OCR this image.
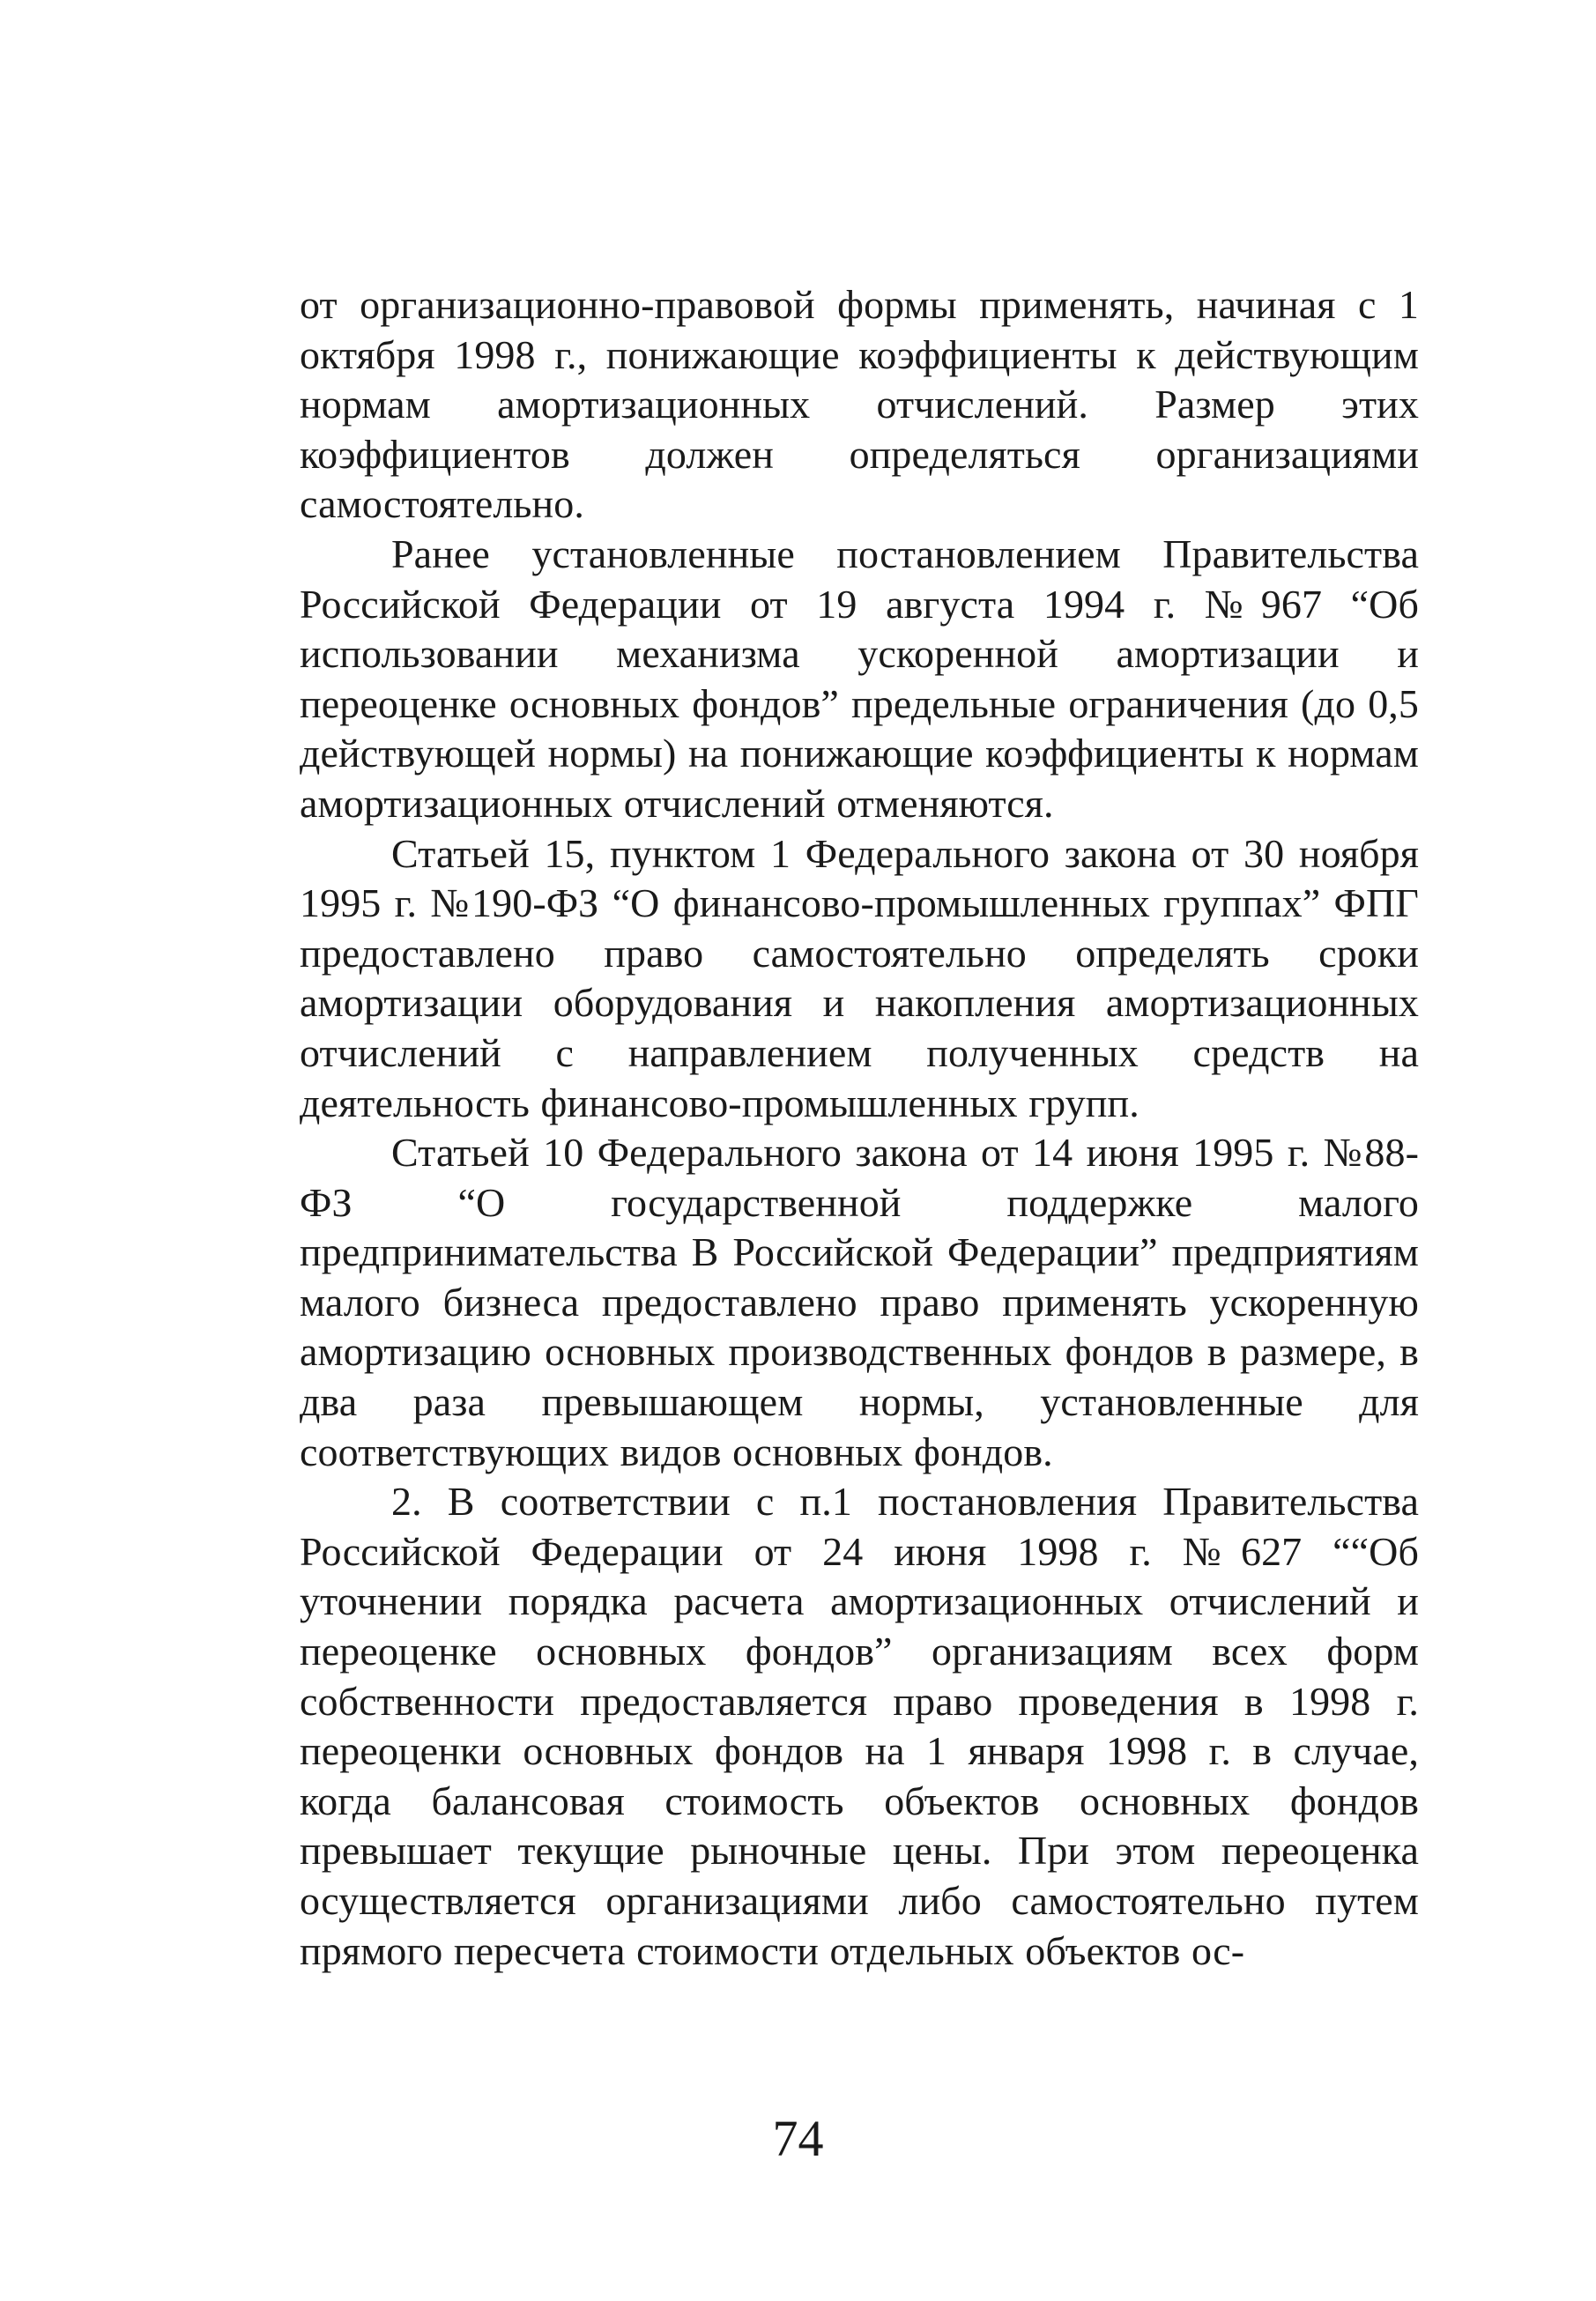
от организационно-правовой формы применять, начиная с 1 октября 1998 г., понижающие коэффициенты к действующим нормам амортизационных отчислений. Размер этих коэффициентов должен определяться организациями самостоятельно.

Ранее установленные постановлением Правительства Российской Федерации от 19 августа 1994 г. №967 “Об использовании механизма ускоренной амортизации и переоценке основных фондов” предельные ограничения (до 0,5 действующей нормы) на понижающие коэффициенты к нормам амортизационных отчислений отменяются.

Статьей 15, пунктом 1 Федерального закона от 30 ноября 1995 г. №190-ФЗ “О финансово-промышленных группах” ФПГ предоставлено право самостоятельно определять сроки амортизации оборудования и накопления амортизационных отчислений с направлением полученных средств на деятельность финансово-промышленных групп.

Статьей 10 Федерального закона от 14 июня 1995 г. №88-ФЗ “О государственной поддержке малого предпринимательства В Российской Федерации” предприятиям малого бизнеса предоставлено право применять ускоренную амортизацию основных производственных фондов в размере, в два раза превышающем нормы, установленные для соответствующих видов основных фондов.

2. В соответствии с п.1 постановления Правительства Российской Федерации от 24 июня 1998 г. №627 ““Об уточнении порядка расчета амортизационных отчислений и переоценке основных фондов” организациям всех форм собственности предоставляется право проведения в 1998 г. переоценки основных фондов на 1 января 1998 г. в случае, когда балансовая стоимость объектов основных фондов превышает текущие рыночные цены. При этом переоценка осуществляется организациями либо самостоятельно путем прямого пересчета стоимости отдельных объектов ос-

74
